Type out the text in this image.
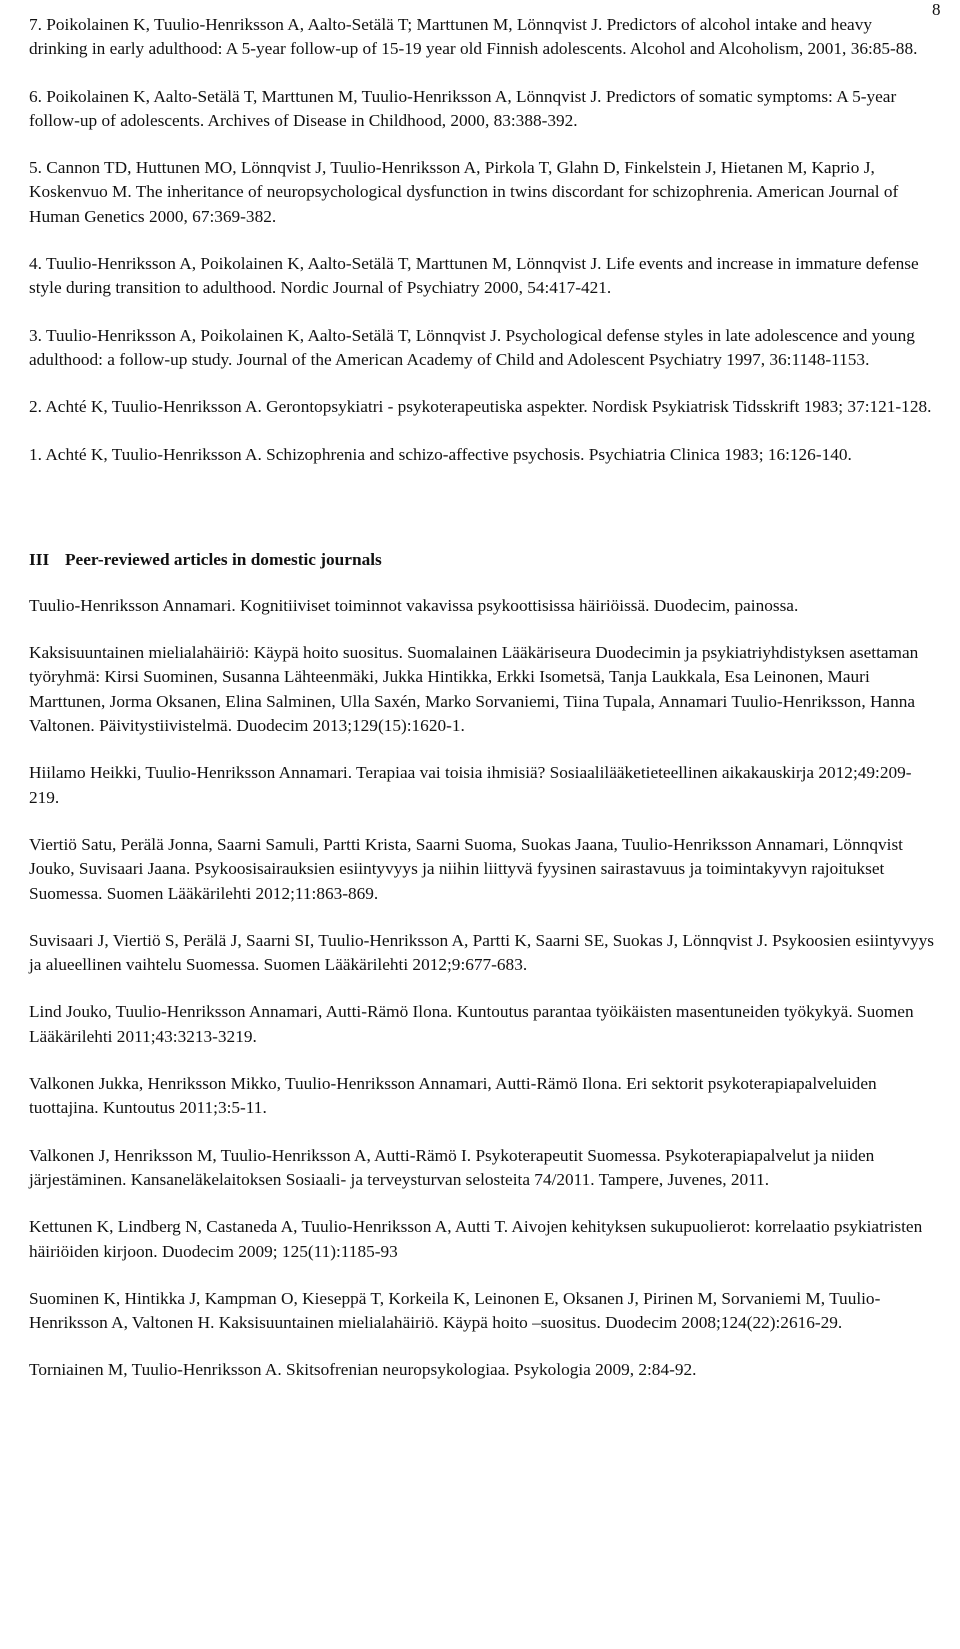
8

7. Poikolainen K, Tuulio-Henriksson A, Aalto-Setälä T; Marttunen M, Lönnqvist J. Predictors of alcohol intake and heavy drinking in early adulthood: A 5-year follow-up of 15-19 year old Finnish adolescents. Alcohol and Alcoholism, 2001, 36:85-88.

6. Poikolainen K, Aalto-Setälä T, Marttunen M, Tuulio-Henriksson A, Lönnqvist J. Predictors of somatic symptoms: A 5-year follow-up of adolescents. Archives of Disease in Childhood, 2000, 83:388-392.

5. Cannon TD, Huttunen MO, Lönnqvist J, Tuulio-Henriksson A, Pirkola T, Glahn D, Finkelstein J, Hietanen M, Kaprio J, Koskenvuo M. The inheritance of neuropsychological dysfunction in twins discordant for schizophrenia. American Journal of Human Genetics 2000, 67:369-382.

4. Tuulio-Henriksson A, Poikolainen K, Aalto-Setälä T, Marttunen M, Lönnqvist J. Life events and increase in immature defense style during transition to adulthood. Nordic Journal of Psychiatry 2000, 54:417-421.

3. Tuulio-Henriksson A, Poikolainen K, Aalto-Setälä T, Lönnqvist J. Psychological defense styles in late adolescence and young adulthood: a follow-up study. Journal of the American Academy of Child and Adolescent Psychiatry 1997, 36:1148-1153.

2. Achté K, Tuulio-Henriksson A. Gerontopsykiatri - psykoterapeutiska aspekter. Nordisk Psykiatrisk Tidsskrift 1983; 37:121-128.

1. Achté K, Tuulio-Henriksson A. Schizophrenia and schizo-affective psychosis. Psychiatria Clinica 1983; 16:126-140.

III Peer-reviewed articles in domestic journals

Tuulio-Henriksson Annamari. Kognitiiviset toiminnot vakavissa psykoottisissa häiriöissä. Duodecim, painossa.

Kaksisuuntainen mielialahäiriö: Käypä hoito suositus. Suomalainen Lääkäriseura Duodecimin ja psykiatriyhdistyksen asettaman työryhmä: Kirsi Suominen, Susanna Lähteenmäki, Jukka Hintikka, Erkki Isometsä, Tanja Laukkala, Esa Leinonen, Mauri Marttunen, Jorma Oksanen, Elina Salminen, Ulla Saxén, Marko Sorvaniemi, Tiina Tupala, Annamari Tuulio-Henriksson, Hanna Valtonen. Päivitystiivistelmä. Duodecim 2013;129(15):1620-1.

Hiilamo Heikki, Tuulio-Henriksson Annamari. Terapiaa vai toisia ihmisiä? Sosiaalilääketieteellinen aikakauskirja 2012;49:209-219.

Viertiö Satu, Perälä Jonna, Saarni Samuli, Partti Krista, Saarni Suoma, Suokas Jaana, Tuulio-Henriksson Annamari, Lönnqvist Jouko, Suvisaari Jaana. Psykoosisairauksien esiintyvyys ja niihin liittyvä fyysinen sairastavuus ja toimintakyvyn rajoitukset Suomessa. Suomen Lääkärilehti 2012;11:863-869.

Suvisaari J, Viertiö S, Perälä J, Saarni SI, Tuulio-Henriksson A, Partti K, Saarni SE, Suokas J, Lönnqvist J. Psykoosien esiintyvyys ja alueellinen vaihtelu Suomessa. Suomen Lääkärilehti 2012;9:677-683.

Lind Jouko, Tuulio-Henriksson Annamari, Autti-Rämö Ilona. Kuntoutus parantaa työikäisten masentuneiden työkykyä. Suomen Lääkärilehti 2011;43:3213-3219.

Valkonen Jukka, Henriksson Mikko, Tuulio-Henriksson Annamari, Autti-Rämö Ilona. Eri sektorit psykoterapiapalveluiden tuottajina. Kuntoutus 2011;3:5-11.

Valkonen J, Henriksson M, Tuulio-Henriksson A, Autti-Rämö I. Psykoterapeutit Suomessa. Psykoterapiapalvelut ja niiden järjestäminen. Kansaneläkelaitoksen Sosiaali- ja terveysturvan selosteita 74/2011. Tampere, Juvenes, 2011.

Kettunen K, Lindberg N, Castaneda A, Tuulio-Henriksson A, Autti T. Aivojen kehityksen sukupuolierot: korrelaatio psykiatristen häiriöiden kirjoon. Duodecim 2009; 125(11):1185-93

Suominen K, Hintikka J, Kampman O, Kieseppä T, Korkeila K, Leinonen E, Oksanen J, Pirinen M, Sorvaniemi M, Tuulio-Henriksson A, Valtonen H. Kaksisuuntainen mielialahäiriö. Käypä hoito –suositus. Duodecim 2008;124(22):2616-29.

Torniainen M, Tuulio-Henriksson A. Skitsofrenian neuropsykologiaa. Psykologia 2009, 2:84-92.
